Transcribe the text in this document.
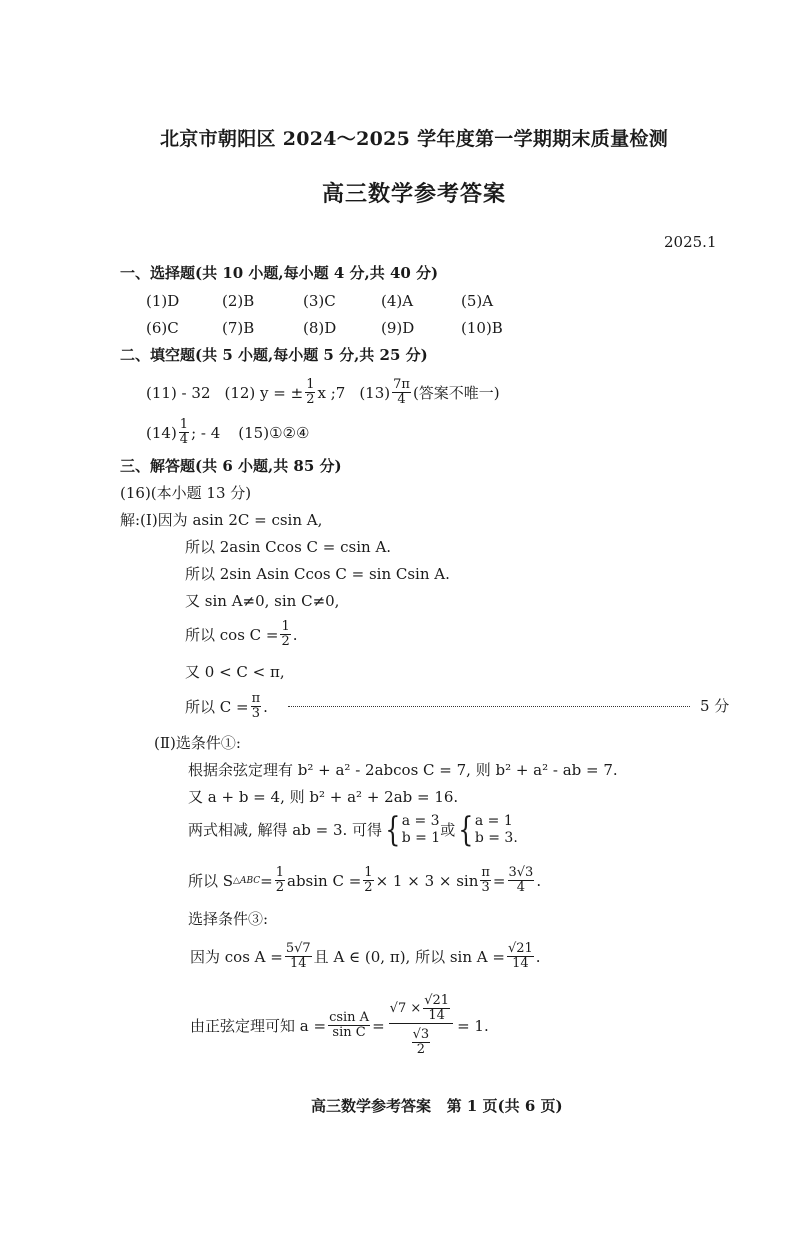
北京市朝阳区 2024～2025 学年度第一学期期末质量检测
高三数学参考答案
2025.1
一、选择题(共 10 小题,每小题 4 分,共 40 分)
(1)D	(2)B	(3)C	(4)A	(5)A
(6)C	(7)B	(8)D	(9)D	(10)B
二、填空题(共 5 小题,每小题 5 分,共 25 分)
(11) - 32 (12) y = ± $\frac{1}{2}$ x ;7 (13) 7π
4 (答案不唯一)
(14) 1
4 ; - 4 (15)①②④
三、解答题(共 6 小题,共 85 分)
(16)(本小题 13 分)
解:(Ⅰ)因为 asin 2C = csin A,
所以 2asin Ccos C = csin A.
所以 2sin Asin Ccos C = sin Csin A.
又 sin A≠0, sin C≠0,
所以 $\cos C = \frac{1}{2}$ .
又 0 < C < π,
所以 $C = \frac{\pi}{3}$ .	5 分
(Ⅱ)选条件①:
根据余弦定理有 b² + a² - 2abcos C = 7, 则 b² + a² - ab = 7.
又 a + b = 4, 则 b² + a² + 2ab = 16.
两式相减, 解得 ab = 3. 可得 { a = 3
b = 1 或 { a = 1
b = 3.
所以 S △ABC = $\frac{1}{2}$ absin $C = \frac{1}{2} \times 1 \times 3 \times \sin \frac{\pi}{3} = \frac{3√3}{4}$ .
选择条件③:
因为 $\cos A = \frac{5√7}{14}$ 且 A ∈ (0, π), 所以 $\sin A = \frac{√21}{14}$ .
由正弦定理可知 $a = \frac{\text{csin A}}{\text{sin C}} = \frac{√7 \times \frac{√21}{14}}{\frac{√3}{2}} = 1$.
高三数学参考答案   第 1 页(共 6 页)
